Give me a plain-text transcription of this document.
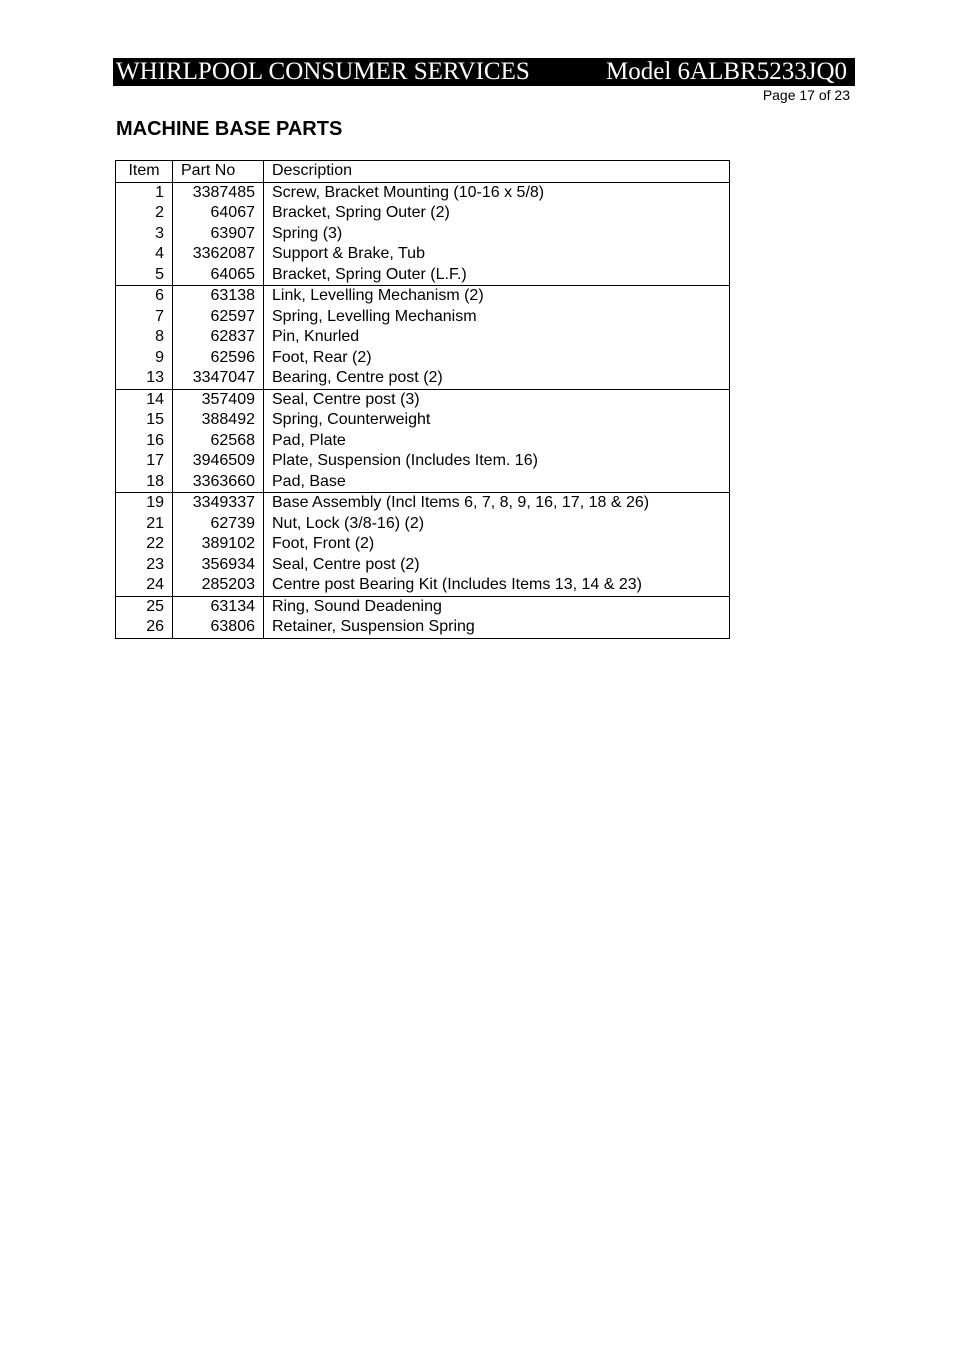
WHIRLPOOL CONSUMER SERVICES	Model 6ALBR5233JQ0
Page 17 of 23
MACHINE BASE PARTS
Item	Part No	Description
1	3387485	Screw, Bracket Mounting (10-16 x 5/8)
2	64067	Bracket, Spring Outer (2)
3	63907	Spring (3)
4	3362087	Support & Brake, Tub
5	64065	Bracket, Spring Outer (L.F.)
6	63138	Link, Levelling Mechanism (2)
7	62597	Spring, Levelling Mechanism
8	62837	Pin, Knurled
9	62596	Foot, Rear (2)
13	3347047	Bearing, Centre post (2)
14	357409	Seal, Centre post (3)
15	388492	Spring, Counterweight
16	62568	Pad, Plate
17	3946509	Plate, Suspension (Includes Item. 16)
18	3363660	Pad, Base
19	3349337	Base Assembly (Incl Items 6, 7, 8, 9, 16, 17, 18 & 26)
21	62739	Nut, Lock (3/8-16) (2)
22	389102	Foot, Front (2)
23	356934	Seal, Centre post (2)
24	285203	Centre post Bearing Kit (Includes Items 13, 14 & 23)
25	63134	Ring, Sound Deadening
26	63806	Retainer, Suspension Spring
